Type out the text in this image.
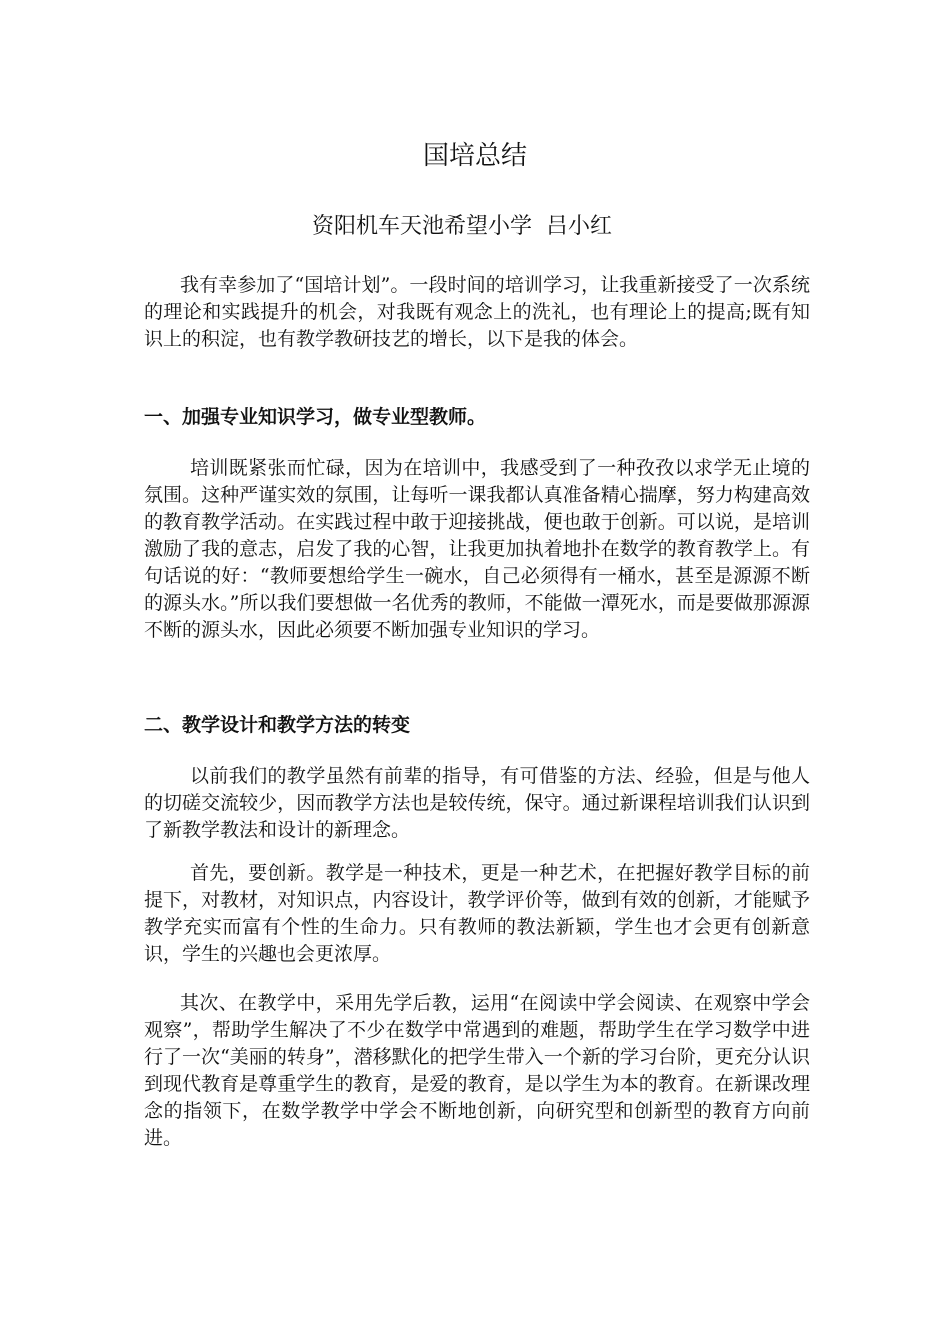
国培总结
资阳机车天池希望小学  吕小红

我有幸参加了“国培计划”。一段时间的培训学习，让我重新接受了一次系统的理论和实践提升的机会，对我既有观念上的洗礼，也有理论上的提高;既有知识上的积淀，也有教学教研技艺的增长，以下是我的体会。

一、加强专业知识学习，做专业型教师。

培训既紧张而忙碌，因为在培训中，我感受到了一种孜孜以求学无止境的氛围。这种严谨实效的氛围，让每听一课我都认真准备精心揣摩，努力构建高效的教育教学活动。在实践过程中敢于迎接挑战，便也敢于创新。可以说，是培训激励了我的意志，启发了我的心智，让我更加执着地扑在数学的教育教学上。有句话说的好：“教师要想给学生一碗水，自己必须得有一桶水，甚至是源源不断的源头水。”所以我们要想做一名优秀的教师，不能做一潭死水，而是要做那源源不断的源头水，因此必须要不断加强专业知识的学习。

二、教学设计和教学方法的转变

以前我们的教学虽然有前辈的指导，有可借鉴的方法、经验，但是与他人的切磋交流较少，因而教学方法也是较传统，保守。通过新课程培训我们认识到了新教学教法和设计的新理念。

首先，要创新。教学是一种技术，更是一种艺术，在把握好教学目标的前提下，对教材，对知识点，内容设计，教学评价等，做到有效的创新，才能赋予教学充实而富有个性的生命力。只有教师的教法新颖，学生也才会更有创新意识，学生的兴趣也会更浓厚。

其次、在教学中，采用先学后教，运用“在阅读中学会阅读、在观察中学会观察”，帮助学生解决了不少在数学中常遇到的难题，帮助学生在学习数学中进行了一次“美丽的转身”，潜移默化的把学生带入一个新的学习台阶，更充分认识到现代教育是尊重学生的教育，是爱的教育，是以学生为本的教育。在新课改理念的指领下，在数学教学中学会不断地创新，向研究型和创新型的教育方向前进。
